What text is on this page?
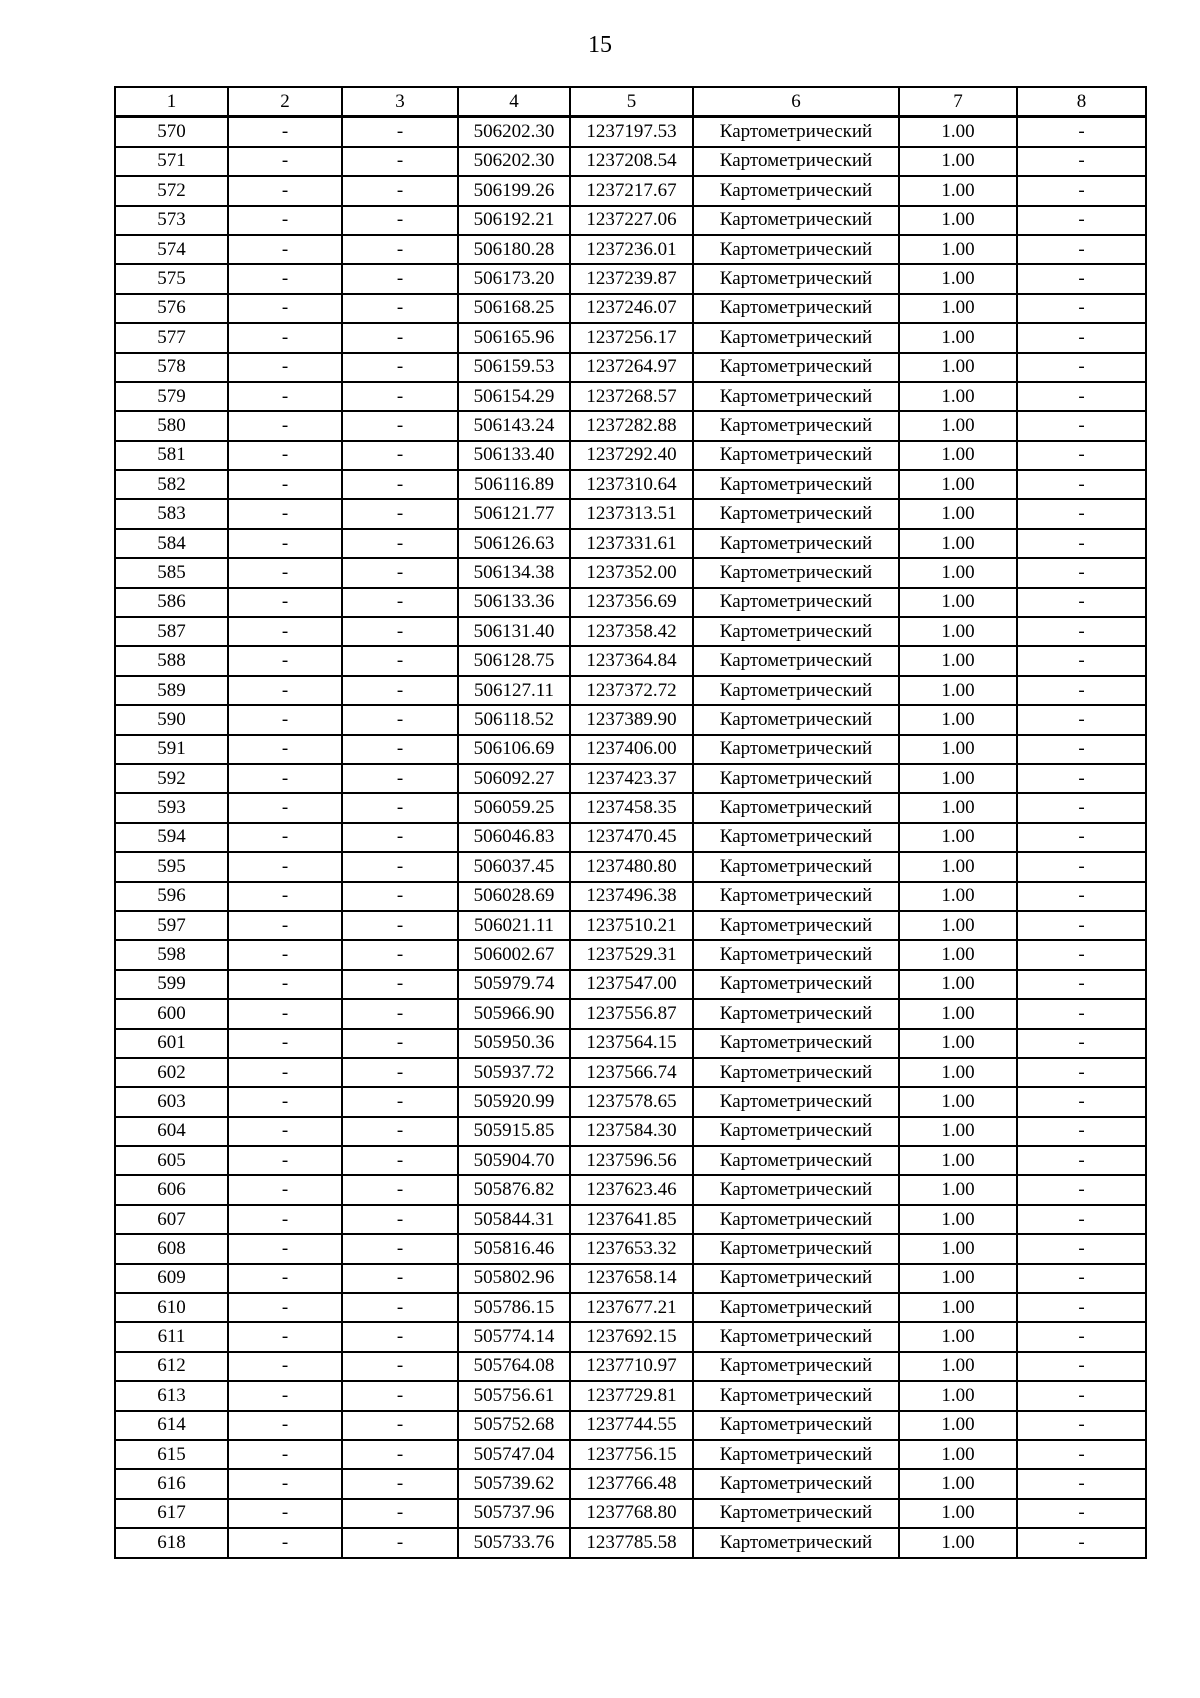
15
1	2	3	4	5	6	7	8
570	-	-	506202.30	1237197.53	Картометрический	1.00	-
571	-	-	506202.30	1237208.54	Картометрический	1.00	-
572	-	-	506199.26	1237217.67	Картометрический	1.00	-
573	-	-	506192.21	1237227.06	Картометрический	1.00	-
574	-	-	506180.28	1237236.01	Картометрический	1.00	-
575	-	-	506173.20	1237239.87	Картометрический	1.00	-
576	-	-	506168.25	1237246.07	Картометрический	1.00	-
577	-	-	506165.96	1237256.17	Картометрический	1.00	-
578	-	-	506159.53	1237264.97	Картометрический	1.00	-
579	-	-	506154.29	1237268.57	Картометрический	1.00	-
580	-	-	506143.24	1237282.88	Картометрический	1.00	-
581	-	-	506133.40	1237292.40	Картометрический	1.00	-
582	-	-	506116.89	1237310.64	Картометрический	1.00	-
583	-	-	506121.77	1237313.51	Картометрический	1.00	-
584	-	-	506126.63	1237331.61	Картометрический	1.00	-
585	-	-	506134.38	1237352.00	Картометрический	1.00	-
586	-	-	506133.36	1237356.69	Картометрический	1.00	-
587	-	-	506131.40	1237358.42	Картометрический	1.00	-
588	-	-	506128.75	1237364.84	Картометрический	1.00	-
589	-	-	506127.11	1237372.72	Картометрический	1.00	-
590	-	-	506118.52	1237389.90	Картометрический	1.00	-
591	-	-	506106.69	1237406.00	Картометрический	1.00	-
592	-	-	506092.27	1237423.37	Картометрический	1.00	-
593	-	-	506059.25	1237458.35	Картометрический	1.00	-
594	-	-	506046.83	1237470.45	Картометрический	1.00	-
595	-	-	506037.45	1237480.80	Картометрический	1.00	-
596	-	-	506028.69	1237496.38	Картометрический	1.00	-
597	-	-	506021.11	1237510.21	Картометрический	1.00	-
598	-	-	506002.67	1237529.31	Картометрический	1.00	-
599	-	-	505979.74	1237547.00	Картометрический	1.00	-
600	-	-	505966.90	1237556.87	Картометрический	1.00	-
601	-	-	505950.36	1237564.15	Картометрический	1.00	-
602	-	-	505937.72	1237566.74	Картометрический	1.00	-
603	-	-	505920.99	1237578.65	Картометрический	1.00	-
604	-	-	505915.85	1237584.30	Картометрический	1.00	-
605	-	-	505904.70	1237596.56	Картометрический	1.00	-
606	-	-	505876.82	1237623.46	Картометрический	1.00	-
607	-	-	505844.31	1237641.85	Картометрический	1.00	-
608	-	-	505816.46	1237653.32	Картометрический	1.00	-
609	-	-	505802.96	1237658.14	Картометрический	1.00	-
610	-	-	505786.15	1237677.21	Картометрический	1.00	-
611	-	-	505774.14	1237692.15	Картометрический	1.00	-
612	-	-	505764.08	1237710.97	Картометрический	1.00	-
613	-	-	505756.61	1237729.81	Картометрический	1.00	-
614	-	-	505752.68	1237744.55	Картометрический	1.00	-
615	-	-	505747.04	1237756.15	Картометрический	1.00	-
616	-	-	505739.62	1237766.48	Картометрический	1.00	-
617	-	-	505737.96	1237768.80	Картометрический	1.00	-
618	-	-	505733.76	1237785.58	Картометрический	1.00	-
